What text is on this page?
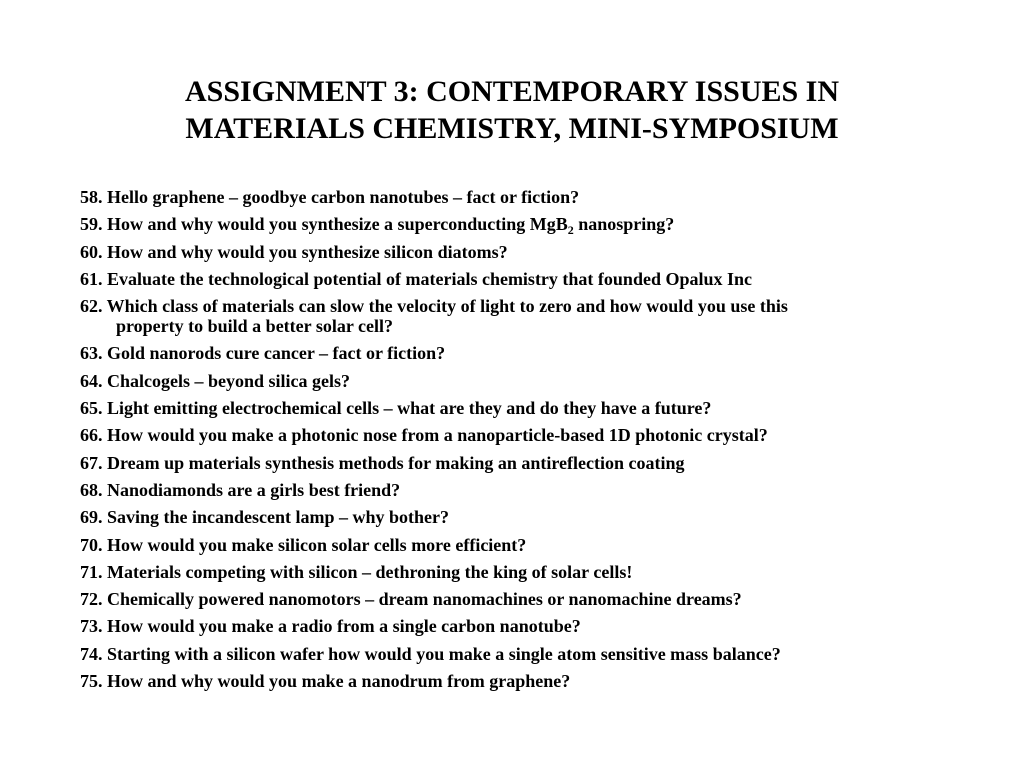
ASSIGNMENT 3: CONTEMPORARY ISSUES IN
MATERIALS CHEMISTRY, MINI-SYMPOSIUM
58. Hello graphene – goodbye carbon nanotubes – fact or fiction?
59. How and why would you synthesize a superconducting MgB$_2$ nanospring?
60. How and why would you synthesize silicon diatoms?
61. Evaluate the technological potential of materials chemistry that founded Opalux Inc
62. Which class of materials can slow the velocity of light to zero and how would you use this
property to build a better solar cell?
63. Gold nanorods cure cancer – fact or fiction?
64. Chalcogels – beyond silica gels?
65. Light emitting electrochemical cells – what are they and do they have a future?
66. How would you make a photonic nose from a nanoparticle-based 1D photonic crystal?
67. Dream up materials synthesis methods for making an antireflection coating
68. Nanodiamonds are a girls best friend?
69. Saving the incandescent lamp – why bother?
70. How would you make silicon solar cells more efficient?
71. Materials competing with silicon – dethroning the king of solar cells!
72. Chemically powered nanomotors – dream nanomachines or nanomachine dreams?
73. How would you make a radio from a single carbon nanotube?
74. Starting with a silicon wafer how would you make a single atom sensitive mass balance?
75. How and why would you make a nanodrum from graphene?
